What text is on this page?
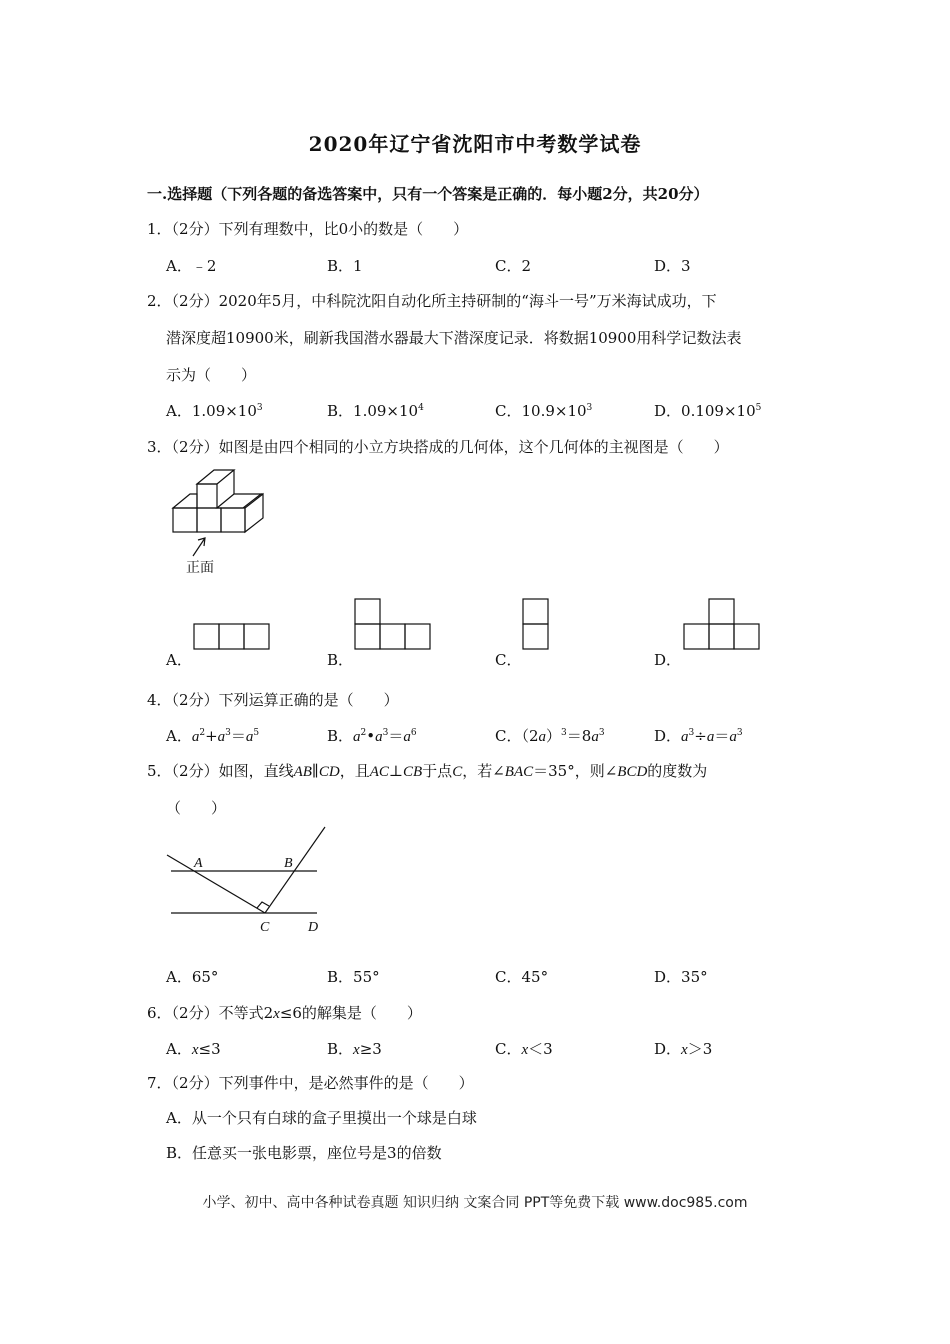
2020年辽宁省沈阳市中考数学试卷
一.选择题（下列各题的备选答案中，只有一个答案是正确的．每小题2分，共20分）
1．（2分）下列有理数中，比0小的数是（　　）
A．﹣2	B．1	C．2	D．3
2．（2分）2020年5月，中科院沈阳自动化所主持研制的“海斗一号”万米海试成功，下
潜深度超10900米，刷新我国潜水器最大下潜深度记录．将数据10900用科学记数法表
示为（　　）
A．$1.09\times 10^3$	B．$1.09\times 10^4$	C．$10.9\times 10^3$	D．$0.109\times 10^5$
3．（2分）如图是由四个相同的小立方块搭成的几何体，这个几何体的主视图是（　　）
正面
A．	B．	C．	D．
4．（2分）下列运算正确的是（　　）
A．$a^2+a^3=a^5$	B．$a^2•a^3=a^6$	C．$(2a)^3=8a^3$	D．$a^3\div a=a^3$
5．（2分）如图，直线AB∥CD，且AC⊥CB于点C，若∠BAC＝35°，则∠BCD的度数为
（　　）
A	B
C	D
A．65°	B．55°	C．45°	D．35°
6．（2分）不等式2x≤6的解集是（　　）
A．x≤3	B．x≥3	C．x＜3	D．x＞3
7．（2分）下列事件中，是必然事件的是（　　）
A．从一个只有白球的盒子里摸出一个球是白球
B．任意买一张电影票，座位号是3的倍数
小学、初中、高中各种试卷真题 知识归纳 文案合同 PPT等免费下载 www.doc985.com
